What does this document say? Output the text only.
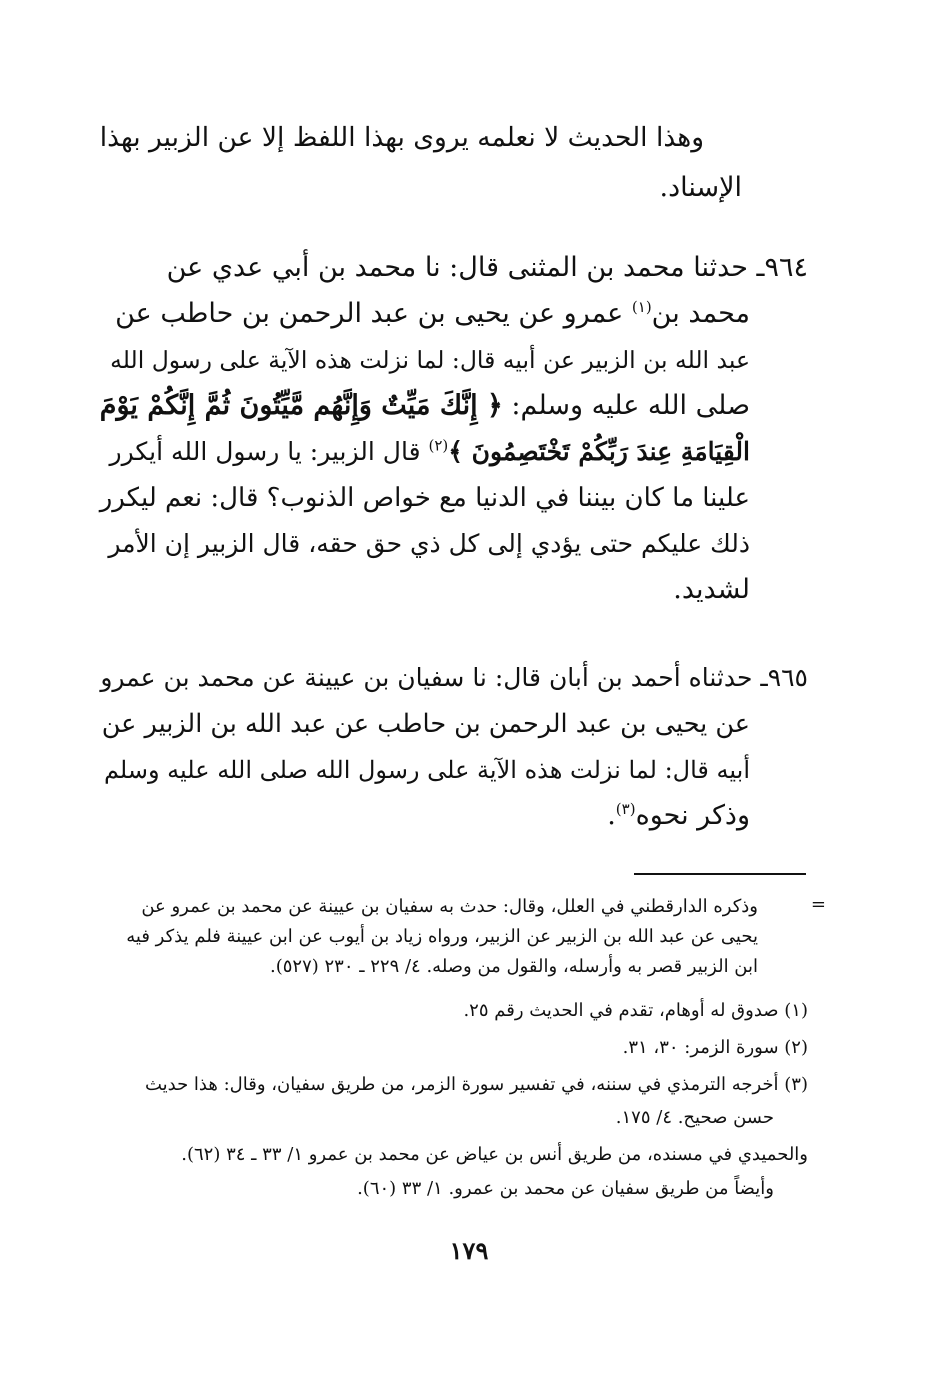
وهذا الحديث لا نعلمه يروى بهذا اللفظ إلا عن الزبير بهذا
الإسناد.
٩٦٤ـ حدثنا محمد بن المثنى قال: نا محمد بن أبي عدي عن
محمد بن$^{(١)}$ عمرو عن يحيى بن عبد الرحمن بن حاطب عن
عبد الله بن الزبير عن أبيه قال: لما نزلت هذه الآية على رسول الله
صلى الله عليه وسلم: ﴿ إِنَّكَ مَيِّتٌ وَإِنَّهُم مَّيِّتُونَ ثُمَّ إِنَّكُمْ يَوْمَ
الْقِيَامَةِ عِندَ رَبِّكُمْ تَخْتَصِمُونَ ﴾$^{(٢)}$ قال الزبير: يا رسول الله أيكرر
علينا ما كان بيننا في الدنيا مع خواص الذنوب؟ قال: نعم ليكرر
ذلك عليكم حتى يؤدي إلى كل ذي حق حقه، قال الزبير إن الأمر
لشديد.
٩٦٥ـ حدثناه أحمد بن أبان قال: نا سفيان بن عيينة عن محمد بن عمرو
عن يحيى بن عبد الرحمن بن حاطب عن عبد الله بن الزبير عن
أبيه قال: لما نزلت هذه الآية على رسول الله صلى الله عليه وسلم
وذكر نحوه$^{(٣)}$.
=
وذكره الدارقطني في العلل، وقال: حدث به سفيان بن عيينة عن محمد بن عمرو عن
يحيى عن عبد الله بن الزبير عن الزبير، ورواه زياد بن أيوب عن ابن عيينة فلم يذكر فيه
ابن الزبير قصر به وأرسله، والقول من وصله. ٤/ ٢٢٩ ـ ٢٣٠ (٥٢٧).
(١) صدوق له أوهام، تقدم في الحديث رقم ٢٥.
(٢) سورة الزمر: ٣٠، ٣١.
(٣) أخرجه الترمذي في سننه، في تفسير سورة الزمر، من طريق سفيان، وقال: هذا حديث
حسن صحيح. ٤/ ١٧٥.
والحميدي في مسنده، من طريق أنس بن عياض عن محمد بن عمرو ١/ ٣٣ ـ ٣٤ (٦٢).
وأيضاً من طريق سفيان عن محمد بن عمرو. ١/ ٣٣ (٦٠).
١٧٩
